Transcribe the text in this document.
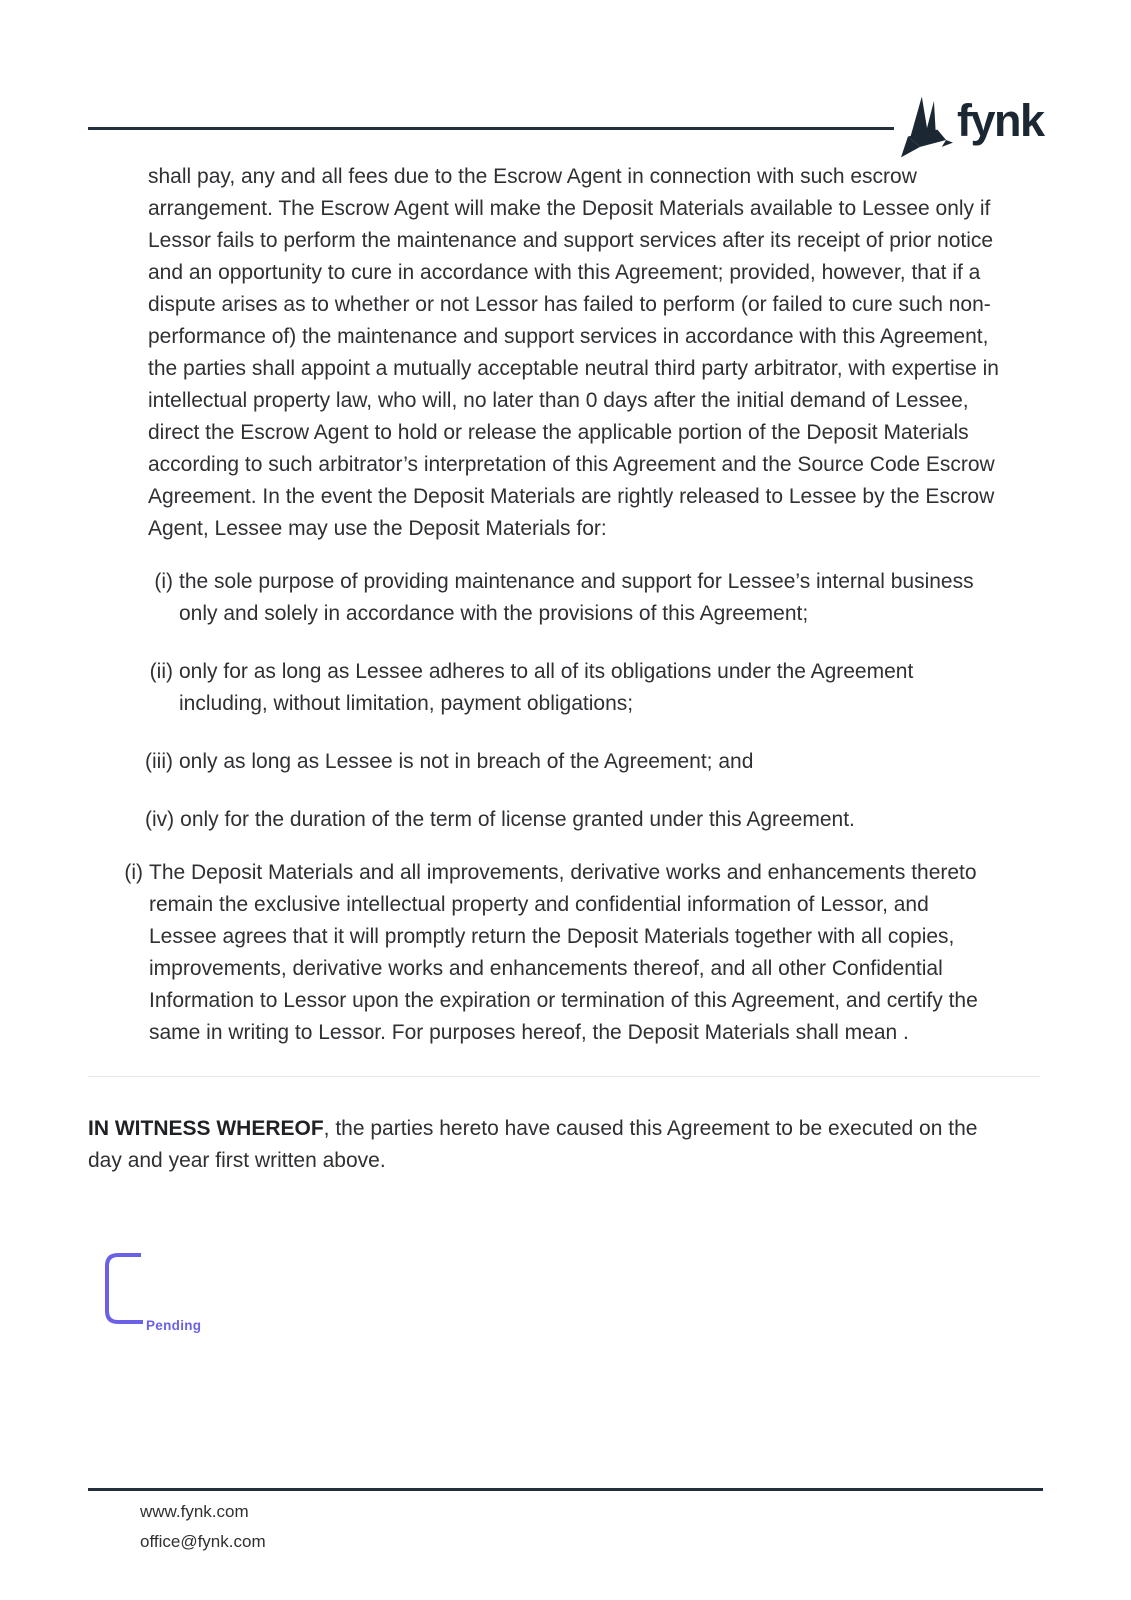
fynk

shall pay, any and all fees due to the Escrow Agent in connection with such escrow arrangement. The Escrow Agent will make the Deposit Materials available to Lessee only if Lessor fails to perform the maintenance and support services after its receipt of prior notice and an opportunity to cure in accordance with this Agreement; provided, however, that if a dispute arises as to whether or not Lessor has failed to perform (or failed to cure such non-performance of) the maintenance and support services in accordance with this Agreement, the parties shall appoint a mutually acceptable neutral third party arbitrator, with expertise in intellectual property law, who will, no later than 0 days after the initial demand of Lessee, direct the Escrow Agent to hold or release the applicable portion of the Deposit Materials according to such arbitrator’s interpretation of this Agreement and the Source Code Escrow Agreement. In the event the Deposit Materials are rightly released to Lessee by the Escrow Agent, Lessee may use the Deposit Materials for:

(i) the sole purpose of providing maintenance and support for Lessee’s internal business only and solely in accordance with the provisions of this Agreement;
(ii) only for as long as Lessee adheres to all of its obligations under the Agreement including, without limitation, payment obligations;
(iii) only as long as Lessee is not in breach of the Agreement; and
(iv) only for the duration of the term of license granted under this Agreement.
(i) The Deposit Materials and all improvements, derivative works and enhancements thereto remain the exclusive intellectual property and confidential information of Lessor, and Lessee agrees that it will promptly return the Deposit Materials together with all copies, improvements, derivative works and enhancements thereof, and all other Confidential Information to Lessor upon the expiration or termination of this Agreement, and certify the same in writing to Lessor. For purposes hereof, the Deposit Materials shall mean .

IN WITNESS WHEREOF, the parties hereto have caused this Agreement to be executed on the day and year first written above.

Pending
www.fynk.com
office@fynk.com
